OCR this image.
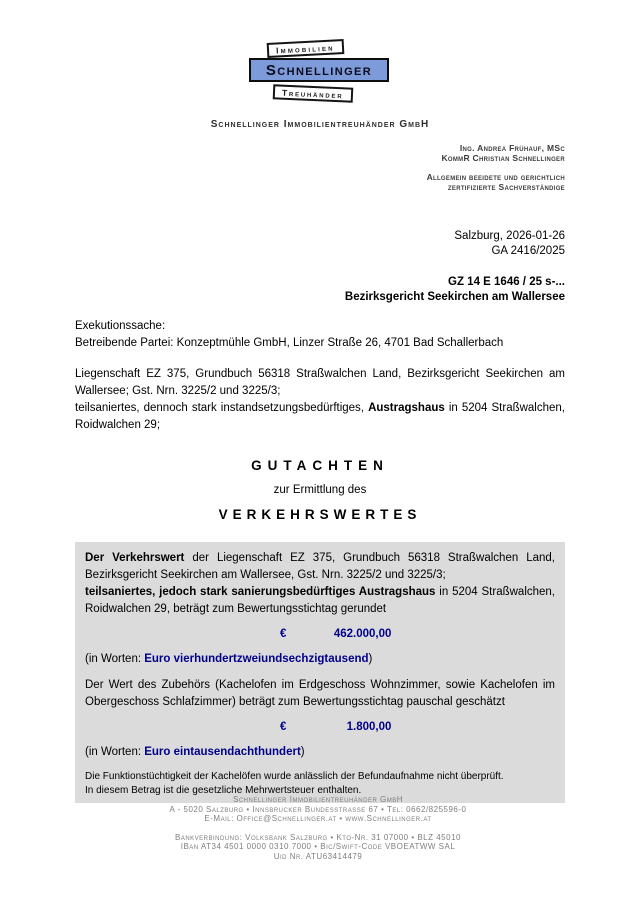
Immobilien
Schnellinger
Treuhänder
Schnellinger Immobilientreuhänder GmbH
Ing. Andrea Frühauf, MSc
KommR Christian Schnellinger
Allgemein beeidete und gerichtlich
zertifizierte Sachverständige
Salzburg, 2026-01-26
GA 2416/2025
GZ 14 E 1646 / 25 s-...
Bezirksgericht Seekirchen am Wallersee
Exekutionssache:
Betreibende Partei: Konzeptmühle GmbH, Linzer Straße 26, 4701 Bad Schallerbach
Liegenschaft EZ 375, Grundbuch 56318 Straßwalchen Land, Bezirksgericht Seekirchen am Wallersee; Gst. Nrn. 3225/2 und 3225/3;
teilsaniertes, dennoch stark instandsetzungsbedürftiges, Austragshaus in 5204 Straßwalchen, Roidwalchen 29;
GUTACHTEN
zur Ermittlung des
VERKEHRSWERTES
Der Verkehrswert der Liegenschaft EZ 375, Grundbuch 56318 Straßwalchen Land, Bezirksgericht Seekirchen am Wallersee, Gst. Nrn. 3225/2 und 3225/3;
teilsaniertes, jedoch stark sanierungsbedürftiges Austragshaus in 5204 Straßwalchen, Roidwalchen 29, beträgt zum Bewertungsstichtag gerundet
€	462.000,00
(in Worten: Euro vierhundertzweiundsechzigtausend)
Der Wert des Zubehörs (Kachelofen im Erdgeschoss Wohnzimmer, sowie Kachelofen im Obergeschoss Schlafzimmer) beträgt zum Bewertungsstichtag pauschal geschätzt
€	1.800,00
(in Worten: Euro eintausendachthundert)
Die Funktionstüchtigkeit der Kachelöfen wurde anlässlich der Befundaufnahme nicht überprüft.
In diesem Betrag ist die gesetzliche Mehrwertsteuer enthalten.
Schnellinger Immobilientreuhänder GmbH
A - 5020 Salzburg • Innsbrucker Bundesstrasse 67 • Tel: 0662/825596-0
E-Mail: Office@Schnellinger.at • www.Schnellinger.at
Bankverbindung: Volksbank Salzburg • Kto-Nr. 31 07000 • BLZ 45010
IBan AT34 4501 0000 0310 7000 • Bic/Swift-Code VBOEATWW SAL
Uid Nr. ATU63414479
